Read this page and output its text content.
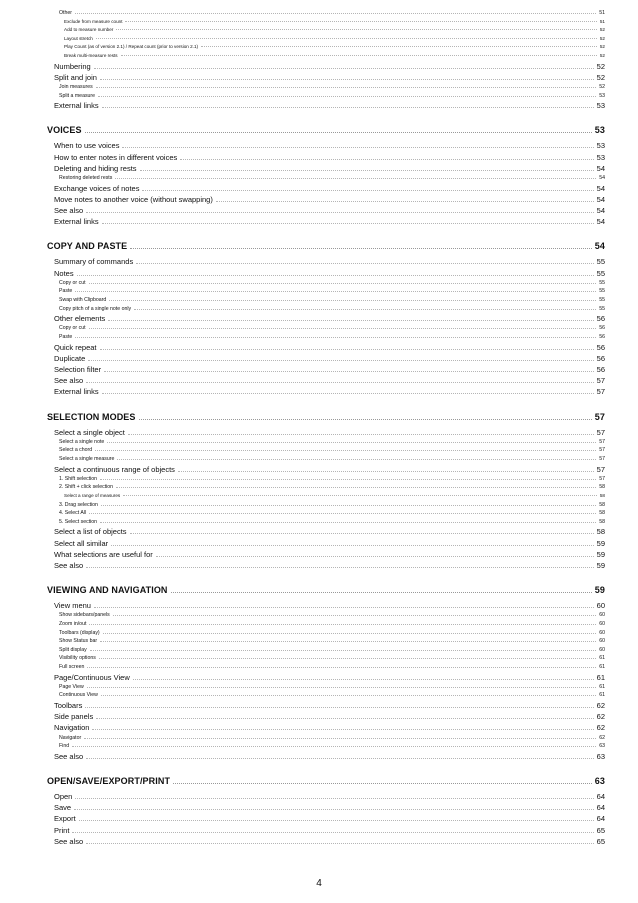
Other	51
Exclude from measure count	51
Add to measure number	52
Layout stretch	52
Play Count (as of version 2.1) / Repeat count (prior to version 2.1)	52
Break multi-measure rests	52
Numbering	52
Split and join	52
Join measures	52
Split a measure	53
External links	53
VOICES	53
When to use voices	53
How to enter notes in different voices	53
Deleting and hiding rests	54
Restoring deleted rests	54
Exchange voices of notes	54
Move notes to another voice (without swapping)	54
See also	54
External links	54
COPY AND PASTE	54
Summary of commands	55
Notes	55
Copy or cut	55
Paste	55
Swap with Clipboard	55
Copy pitch of a single note only	55
Other elements	56
Copy or cut	56
Paste	56
Quick repeat	56
Duplicate	56
Selection filter	56
See also	57
External links	57
SELECTION MODES	57
Select a single object	57
Select a single note	57
Select a chord	57
Select a single measure	57
Select a continuous range of objects	57
1. Shift selection	57
2. Shift + click selection	58
Select a range of measures	58
3. Drag selection	58
4. Select All	58
5. Select section	58
Select a list of objects	58
Select all similar	59
What selections are useful for	59
See also	59
VIEWING AND NAVIGATION	59
View menu	60
Show sidebars/panels	60
Zoom in/out	60
Toolbars (display)	60
Show Status bar	60
Split display	60
Visibility options	61
Full screen	61
Page/Continuous View	61
Page View	61
Continuous View	61
Toolbars	62
Side panels	62
Navigation	62
Navigator	62
Find	63
See also	63
OPEN/SAVE/EXPORT/PRINT	63
Open	64
Save	64
Export	64
Print	65
See also	65
4
